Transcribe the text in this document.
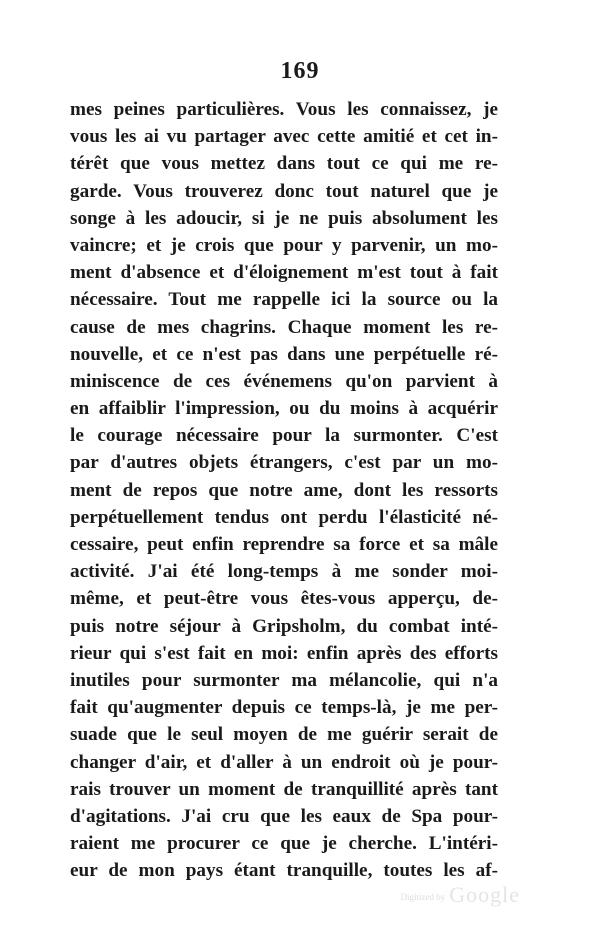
169
mes peines particulières. Vous les connaissez, je
vous les ai vu partager avec cette amitié et cet in-
térêt que vous mettez dans tout ce qui me re-
garde. Vous trouverez donc tout naturel que je
songe à les adoucir, si je ne puis absolument les
vaincre; et je crois que pour y parvenir, un mo-
ment d'absence et d'éloignement m'est tout à fait
nécessaire. Tout me rappelle ici la source ou la
cause de mes chagrins. Chaque moment les re-
nouvelle, et ce n'est pas dans une perpétuelle ré-
miniscence de ces événemens qu'on parvient à
en affaiblir l'impression, ou du moins à acquérir
le courage nécessaire pour la surmonter. C'est
par d'autres objets étrangers, c'est par un mo-
ment de repos que notre ame, dont les ressorts
perpétuellement tendus ont perdu l'élasticité né-
cessaire, peut enfin reprendre sa force et sa mâle
activité. J'ai été long-temps à me sonder moi-
même, et peut-être vous êtes-vous apperçu, de-
puis notre séjour à Gripsholm, du combat inté-
rieur qui s'est fait en moi: enfin après des efforts
inutiles pour surmonter ma mélancolie, qui n'a
fait qu'augmenter depuis ce temps-là, je me per-
suade que le seul moyen de me guérir serait de
changer d'air, et d'aller à un endroit où je pour-
rais trouver un moment de tranquillité après tant
d'agitations. J'ai cru que les eaux de Spa pour-
raient me procurer ce que je cherche. L'intéri-
eur de mon pays étant tranquille, toutes les af-
Digitized by Google
